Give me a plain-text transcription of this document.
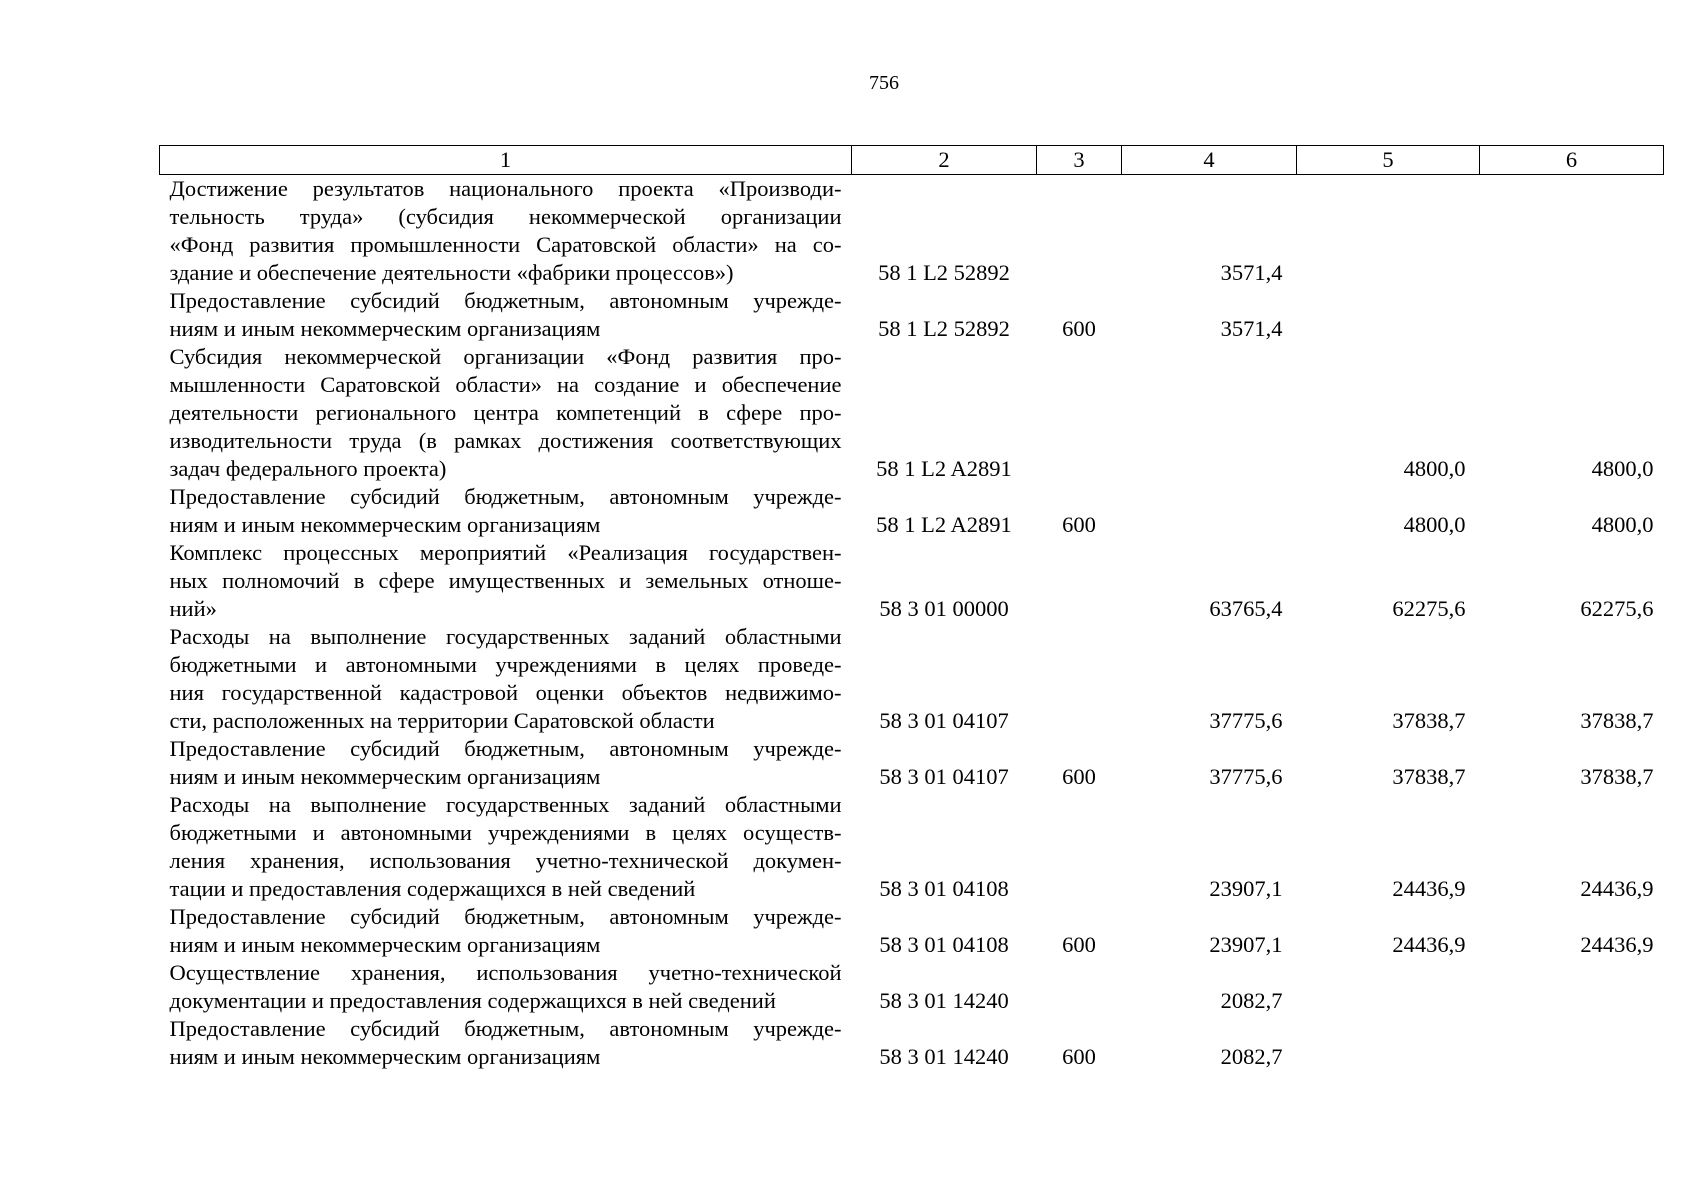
756
1	2	3	4	5	6

Достижение результатов национального проекта «Производи-
тельность труда» (субсидия некоммерческой организации
«Фонд развития промышленности Саратовской области» на со-
здание и обеспечение деятельности «фабрики процессов»)	58 1 L2 52892		3571,4		

Предоставление субсидий бюджетным, автономным учрежде-
ниям и иным некоммерческим организациям	58 1 L2 52892	600	3571,4		

Субсидия некоммерческой организации «Фонд развития про-
мышленности Саратовской области» на создание и обеспечение
деятельности регионального центра компетенций в сфере про-
изводительности труда (в рамках достижения соответствующих
задач федерального проекта)	58 1 L2 A2891			4800,0	4800,0

Предоставление субсидий бюджетным, автономным учрежде-
ниям и иным некоммерческим организациям	58 1 L2 A2891	600		4800,0	4800,0

Комплекс процессных мероприятий «Реализация государствен-
ных полномочий в сфере имущественных и земельных отноше-
ний»	58 3 01 00000		63765,4	62275,6	62275,6

Расходы на выполнение государственных заданий областными
бюджетными и автономными учреждениями в целях проведе-
ния государственной кадастровой оценки объектов недвижимо-
сти, расположенных на территории Саратовской области	58 3 01 04107		37775,6	37838,7	37838,7

Предоставление субсидий бюджетным, автономным учрежде-
ниям и иным некоммерческим организациям	58 3 01 04107	600	37775,6	37838,7	37838,7

Расходы на выполнение государственных заданий областными
бюджетными и автономными учреждениями в целях осуществ-
ления хранения, использования учетно-технической докумен-
тации и предоставления содержащихся в ней сведений	58 3 01 04108		23907,1	24436,9	24436,9

Предоставление субсидий бюджетным, автономным учрежде-
ниям и иным некоммерческим организациям	58 3 01 04108	600	23907,1	24436,9	24436,9

Осуществление хранения, использования учетно-технической
документации и предоставления содержащихся в ней сведений	58 3 01 14240		2082,7		

Предоставление субсидий бюджетным, автономным учрежде-
ниям и иным некоммерческим организациям	58 3 01 14240	600	2082,7		
